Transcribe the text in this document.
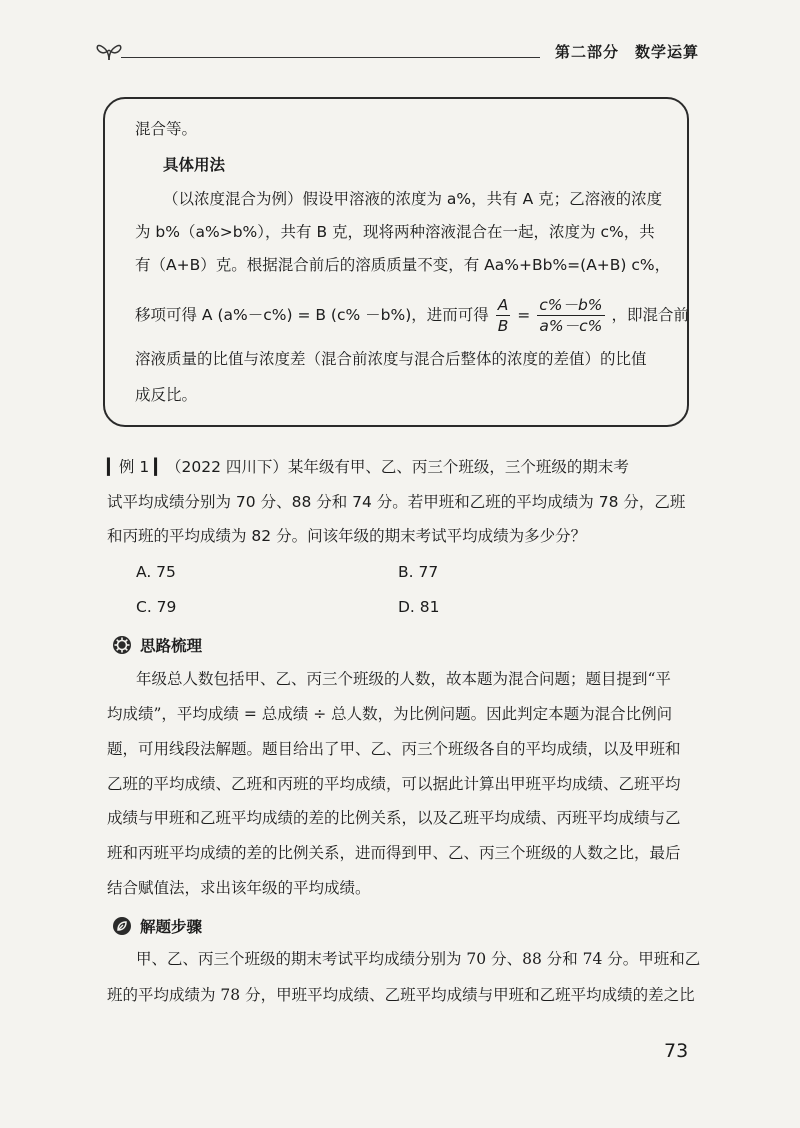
第二部分　数学运算

混合等。

具体用法

（以浓度混合为例）假设甲溶液的浓度为 a%，共有 A 克；乙溶液的浓度

为 b%（a%>b%），共有 B 克，现将两种溶液混合在一起，浓度为 c%，共

有（A+B）克。根据混合前后的溶质质量不变，有 Aa%+Bb%=(A+B) c%，

移项可得 A (a%－c%) = B (c% －b%)，进而可得 $\frac{A}{B} = \frac{c\%-b\%}{a\%-c\%}$ ，即混合前

溶液质量的比值与浓度差（混合前浓度与混合后整体的浓度的差值）的比值

成反比。

▎例 1 ▎（2022 四川下）某年级有甲、乙、丙三个班级，三个班级的期末考
试平均成绩分别为 70 分、88 分和 74 分。若甲班和乙班的平均成绩为 78 分，乙班
和丙班的平均成绩为 82 分。问该年级的期末考试平均成绩为多少分？
A. 75	B. 77
C. 79	D. 81
思路梳理
年级总人数包括甲、乙、丙三个班级的人数，故本题为混合问题；题目提到“平
均成绩”，平均成绩 = 总成绩 ÷ 总人数，为比例问题。因此判定本题为混合比例问
题，可用线段法解题。题目给出了甲、乙、丙三个班级各自的平均成绩，以及甲班和
乙班的平均成绩、乙班和丙班的平均成绩，可以据此计算出甲班平均成绩、乙班平均
成绩与甲班和乙班平均成绩的差的比例关系，以及乙班平均成绩、丙班平均成绩与乙
班和丙班平均成绩的差的比例关系，进而得到甲、乙、丙三个班级的人数之比，最后
结合赋值法，求出该年级的平均成绩。
解题步骤
甲、乙、丙三个班级的期末考试平均成绩分别为 70 分、88 分和 74 分。甲班和乙
班的平均成绩为 78 分，甲班平均成绩、乙班平均成绩与甲班和乙班平均成绩的差之比
73
